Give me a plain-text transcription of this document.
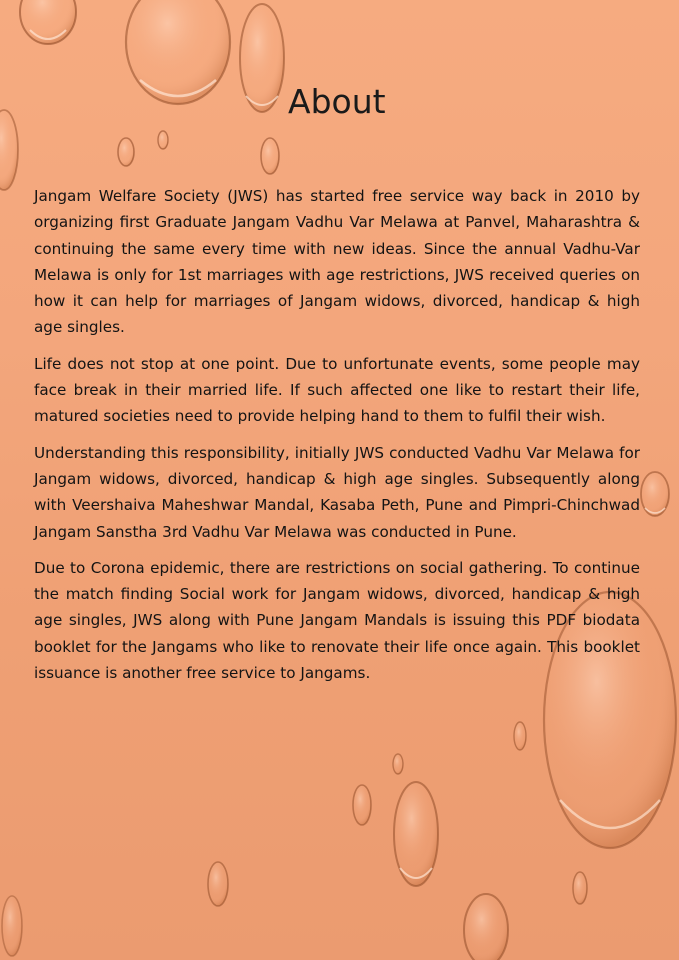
About

Jangam Welfare Society (JWS) has started free service way back in 2010 by organizing first Graduate Jangam Vadhu Var Melawa at Panvel, Maharashtra & continuing the same every time with new ideas. Since the annual Vadhu-Var Melawa is only for 1st marriages with age restrictions, JWS received queries on how it can help for marriages of Jangam widows, divorced, handicap & high age singles.

Life does not stop at one point. Due to unfortunate events, some people may face break in their married life. If such affected one like to restart their life, matured societies need to provide helping hand to them to fulfil their wish.

Understanding this responsibility, initially JWS conducted Vadhu Var Melawa for Jangam widows, divorced, handicap & high age singles. Subsequently along with Veershaiva Maheshwar Mandal, Kasaba Peth, Pune and Pimpri-Chinchwad Jangam Sanstha 3rd Vadhu Var Melawa was conducted in Pune.

Due to Corona epidemic, there are restrictions on social gathering. To continue the match finding Social work for Jangam widows, divorced, handicap & high age singles, JWS along with Pune Jangam Mandals is issuing this PDF biodata booklet for the Jangams who like to renovate their life once again. This booklet issuance is another free service to Jangams.
